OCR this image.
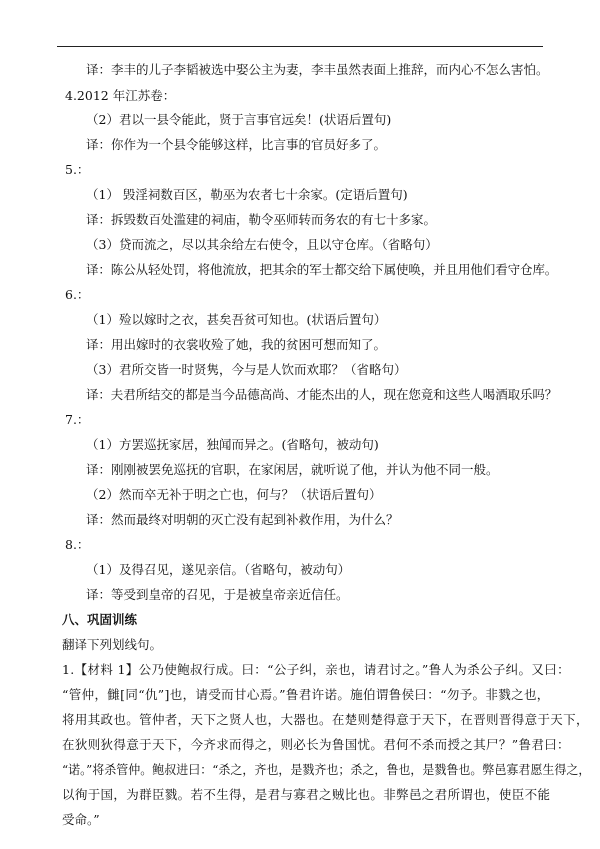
译：李丰的儿子李韬被选中娶公主为妻，李丰虽然表面上推辞，而内心不怎么害怕。
4.2012 年江苏卷：
（2）君以一县令能此，贤于言事官远矣！(状语后置句)
译：你作为一个县令能够这样，比言事的官员好多了。
5.：
（1） 毁淫祠数百区，勒巫为农者七十余家。(定语后置句)
译：拆毁数百处滥建的祠庙，勒令巫师转而务农的有七十多家。
（3）贷而流之，尽以其余给左右使令，且以守仓库。（省略句）
译：陈公从轻处罚，将他流放，把其余的军士都交给下属使唤，并且用他们看守仓库。
6.：
（1）殓以嫁时之衣，甚矣吾贫可知也。(状语后置句）
译：用出嫁时的衣裳收殓了她，我的贫困可想而知了。
（3）君所交皆一时贤隽，今与是人饮而欢耶？（省略句）
译：夫君所结交的都是当今品德高尚、才能杰出的人，现在您竟和这些人喝酒取乐吗？
7.：
（1）方罢巡抚家居，独闻而异之。(省略句，被动句)
译：刚刚被罢免巡抚的官职，在家闲居，就听说了他，并认为他不同一般。
（2）然而卒无补于明之亡也，何与？（状语后置句）
译：然而最终对明朝的灭亡没有起到补救作用，为什么？
8.：
（1）及得召见，遂见亲信。（省略句，被动句）
译：等受到皇帝的召见，于是被皇帝亲近信任。
八、巩固训练
翻译下列划线句。
1.【材料 1】公乃使鲍叔行成。曰：“公子纠，亲也，请君讨之。”鲁人为杀公子纠。又曰：
“管仲，雠[同“仇”]也，请受而甘心焉。”鲁君许诺。施伯谓鲁侯曰：“勿予。非戮之也，
将用其政也。管仲者，天下之贤人也，大器也。在楚则楚得意于天下，在晋则晋得意于天下，
在狄则狄得意于天下，今齐求而得之，则必长为鲁国忧。君何不杀而授之其尸？”鲁君曰：
“诺。”将杀管仲。鲍叔进曰：“杀之，齐也，是戮齐也；杀之，鲁也，是戮鲁也。弊邑寡君愿生得之，
以徇于国，为群臣戮。若不生得，是君与寡君之贼比也。非弊邑之君所谓也，使臣不能
受命。”
